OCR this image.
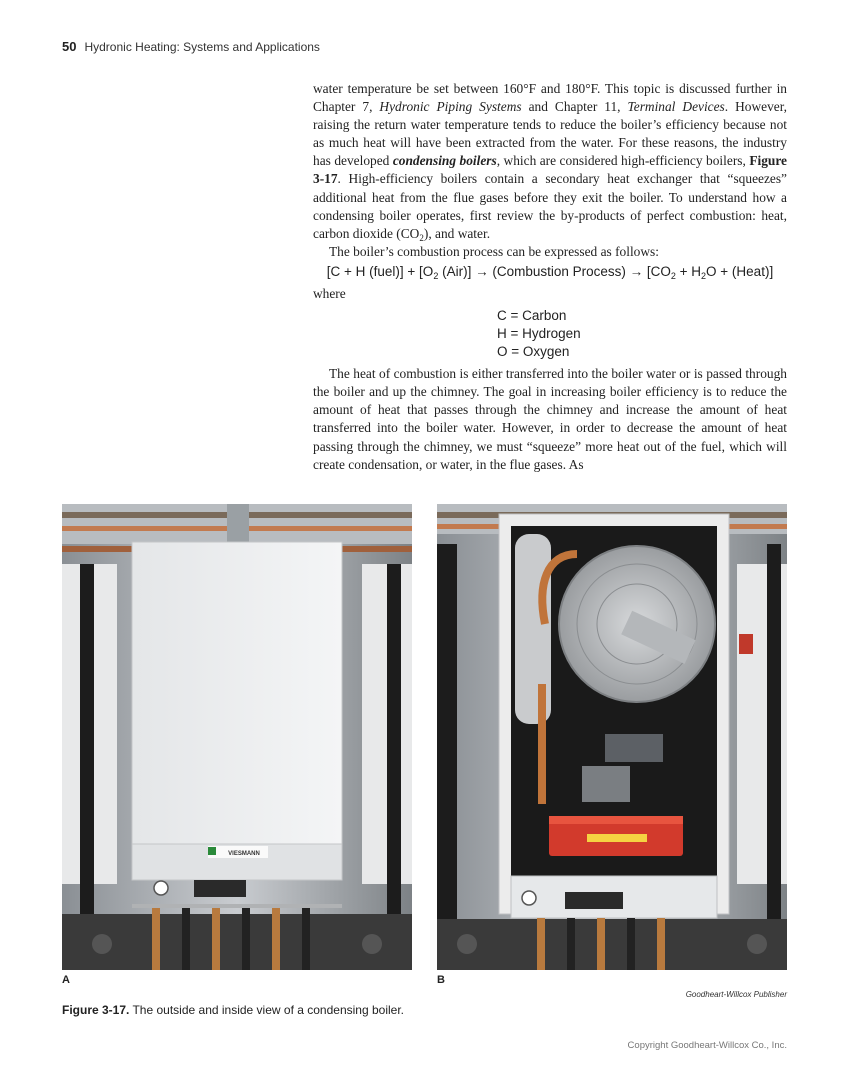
50 Hydronic Heating: Systems and Applications

water temperature be set between 160°F and 180°F. This topic is discussed further in Chapter 7, Hydronic Piping Systems and Chapter 11, Terminal Devices. However, raising the return water temperature tends to reduce the boiler’s efficiency because not as much heat will have been extracted from the water. For these reasons, the industry has developed condensing boilers, which are considered high-efficiency boilers, Figure 3-17. High-efficiency boilers contain a secondary heat exchanger that “squeezes” additional heat from the flue gases before they exit the boiler. To understand how a condensing boiler operates, first review the by-products of perfect combustion: heat, carbon dioxide $(CO_2)$, and water.

The boiler’s combustion process can be expressed as follows:

[C + H (fuel)] + [$O_2$ (Air)] → (Combustion Process) → [$CO_2 + H_2O$ + (Heat)]

where

C = Carbon
H = Hydrogen
O = Oxygen

The heat of combustion is either transferred into the boiler water or is passed through the boiler and up the chimney. The goal in increasing boiler efficiency is to reduce the amount of heat that passes through the chimney and increase the amount of heat transferred into the boiler water. However, in order to decrease the amount of heat passing through the chimney, we must “squeeze” more heat out of the fuel, which will create condensation, or water, in the flue gases. As

VIESMANN
A	B
Goodheart-Willcox Publisher
Figure 3-17. The outside and inside view of a condensing boiler.
Copyright Goodheart-Willcox Co., Inc.
